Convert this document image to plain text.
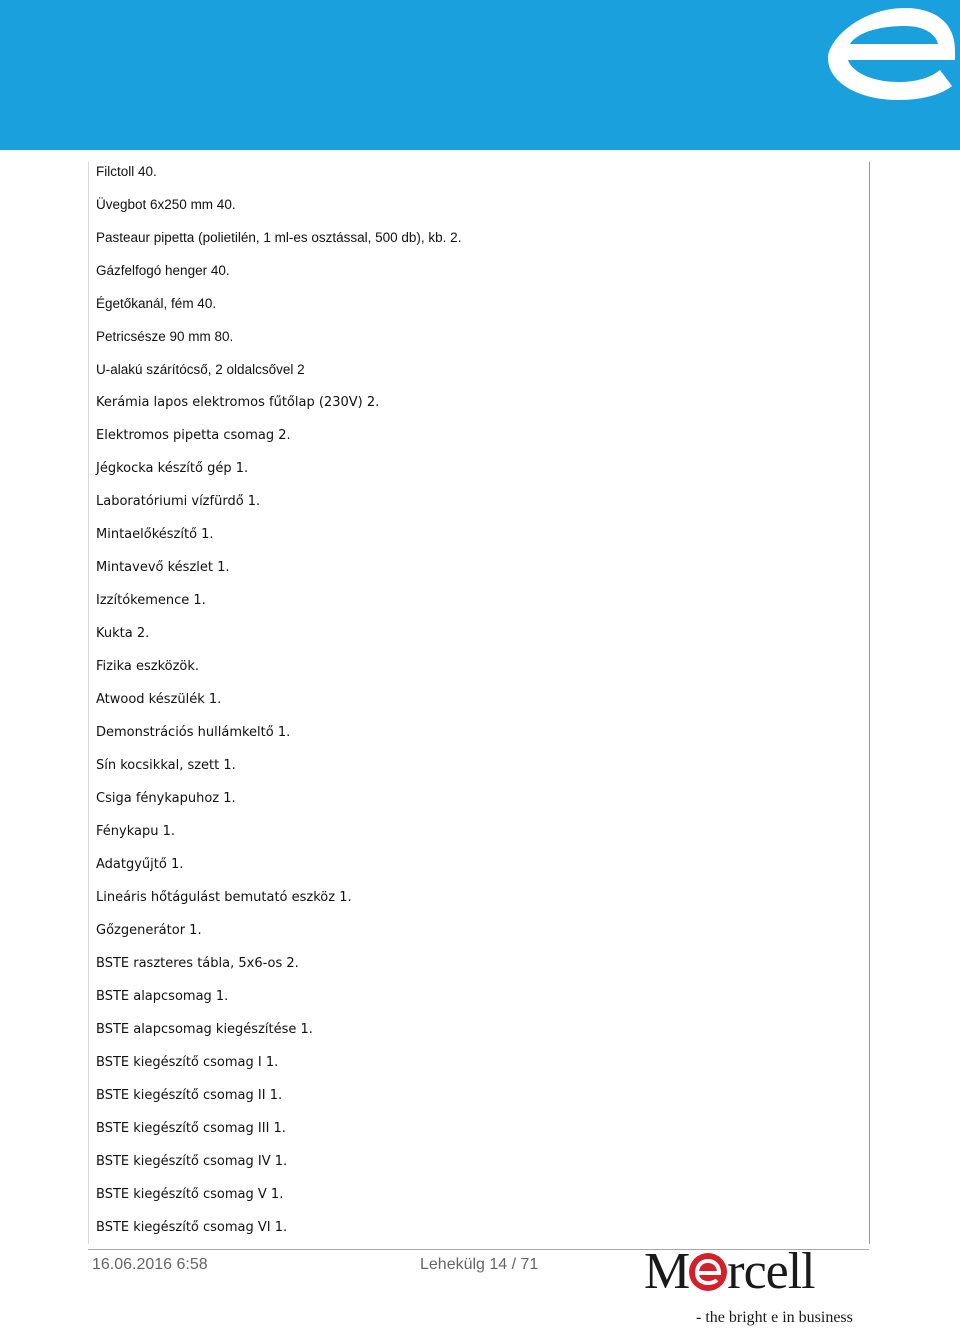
Filctoll 40.
Üvegbot 6x250 mm 40.
Pasteaur pipetta (polietilén, 1 ml-es osztással, 500 db), kb. 2.
Gázfelfogó henger 40.
Égetőkanál, fém 40.
Petricsésze 90 mm 80.
U-alakú szárítócső, 2 oldalcsővel 2
Kerámia lapos elektromos fűtőlap (230V) 2.
Elektromos pipetta csomag 2.
Jégkocka készítő gép 1.
Laboratóriumi vízfürdő 1.
Mintaelőkészítő 1.
Mintavevő készlet 1.
Izzítókemence 1.
Kukta 2.
Fizika eszközök.
Atwood készülék 1.
Demonstrációs hullámkeltő 1.
Sín kocsikkal, szett 1.
Csiga fénykapuhoz 1.
Fénykapu 1.
Adatgyűjtő 1.
Lineáris hőtágulást bemutató eszköz 1.
Gőzgenerátor 1.
BSTE raszteres tábla, 5x6-os 2.
BSTE alapcsomag 1.
BSTE alapcsomag kiegészítése 1.
BSTE kiegészítő csomag I 1.
BSTE kiegészítő csomag II 1.
BSTE kiegészítő csomag III 1.
BSTE kiegészítő csomag IV 1.
BSTE kiegészítő csomag V 1.
BSTE kiegészítő csomag VI 1.
16.06.2016 6:58	Lehekülg 14 / 71 M rcell
- the bright e in business
